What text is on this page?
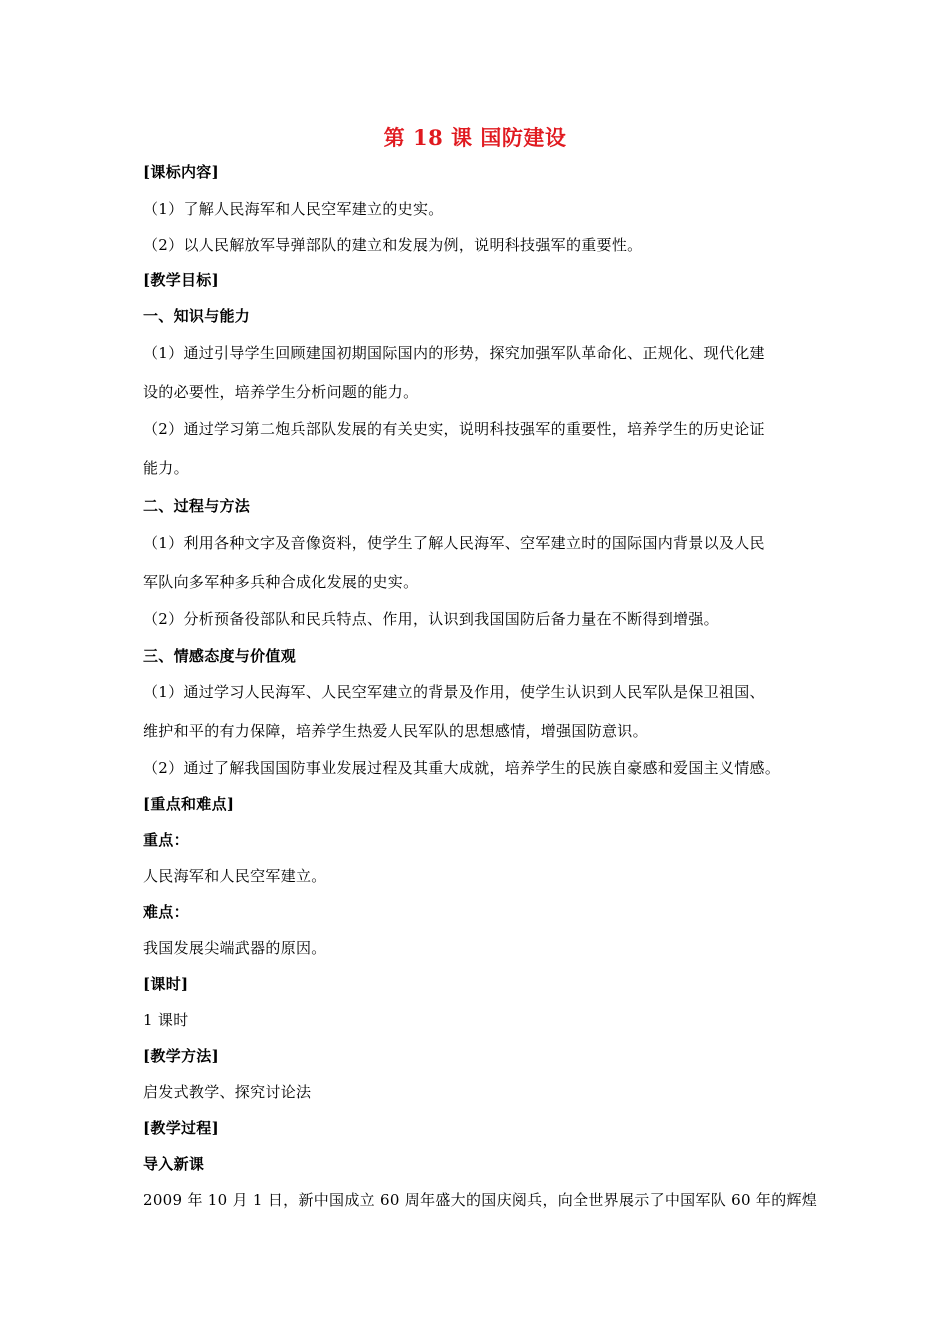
第 18 课 国防建设
[课标内容]
（1）了解人民海军和人民空军建立的史实。
（2）以人民解放军导弹部队的建立和发展为例，说明科技强军的重要性。
[教学目标]
一、知识与能力
（1）通过引导学生回顾建国初期国际国内的形势，探究加强军队革命化、正规化、现代化建
设的必要性，培养学生分析问题的能力。
（2）通过学习第二炮兵部队发展的有关史实，说明科技强军的重要性，培养学生的历史论证
能力。
二、过程与方法
（1）利用各种文字及音像资料，使学生了解人民海军、空军建立时的国际国内背景以及人民
军队向多军种多兵种合成化发展的史实。
（2）分析预备役部队和民兵特点、作用，认识到我国国防后备力量在不断得到增强。
三、情感态度与价值观
（1）通过学习人民海军、人民空军建立的背景及作用，使学生认识到人民军队是保卫祖国、
维护和平的有力保障，培养学生热爱人民军队的思想感情，增强国防意识。
（2）通过了解我国国防事业发展过程及其重大成就，培养学生的民族自豪感和爱国主义情感。
[重点和难点]
重点：
人民海军和人民空军建立。
难点：
我国发展尖端武器的原因。
[课时]
1 课时
[教学方法]
启发式教学、探究讨论法
[教学过程]
导入新课
2009 年 10 月 1 日，新中国成立 60 周年盛大的国庆阅兵，向全世界展示了中国军队 60 年的辉煌
